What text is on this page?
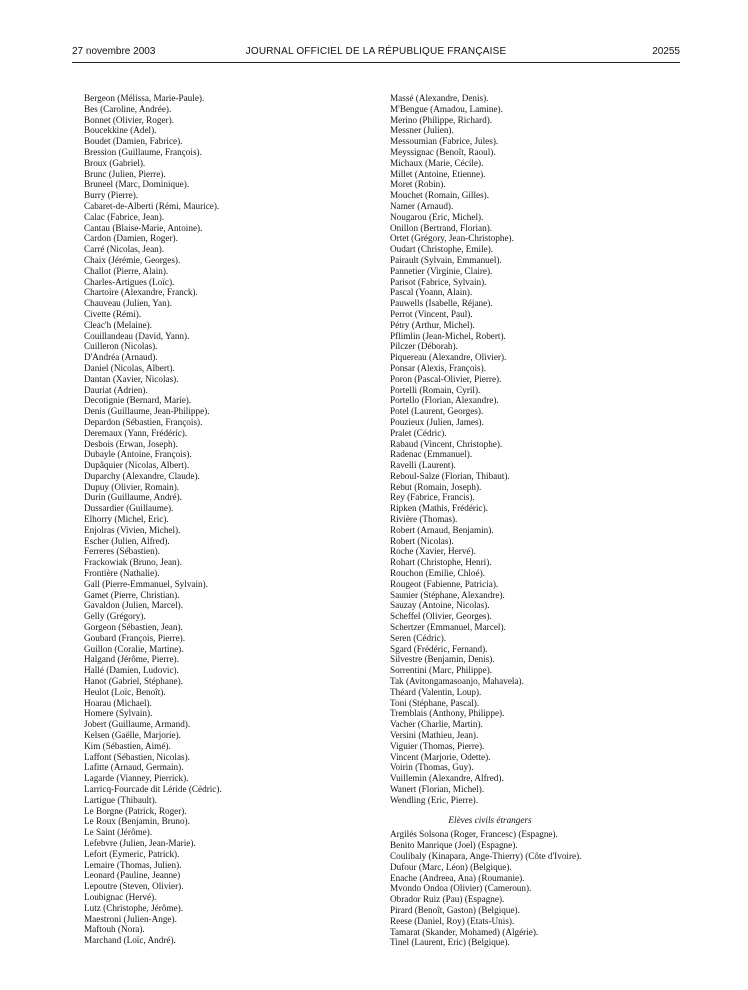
27 novembre 2003	JOURNAL OFFICIEL DE LA RÉPUBLIQUE FRANÇAISE	20255
Bergeon (Mélissa, Marie-Paule).
Bes (Caroline, Andrée).
Bonnet (Olivier, Roger).
Boucekkine (Adel).
Boudet (Damien, Fabrice).
Bression (Guillaume, François).
Broux (Gabriel).
Brunc (Julien, Pierre).
Bruneel (Marc, Dominique).
Burry (Pierre).
Cabaret-de-Alberti (Rémi, Maurice).
Calac (Fabrice, Jean).
Cantau (Blaise-Marie, Antoine).
Cardon (Damien, Roger).
Carré (Nicolas, Jean).
Chaix (Jérémie, Georges).
Challot (Pierre, Alain).
Charles-Artigues (Loïc).
Chartoire (Alexandre, Franck).
Chauveau (Julien, Yan).
Civette (Rémi).
Cleac'h (Melaine).
Couillandeau (David, Yann).
Cuilleron (Nicolas).
D'Andréa (Arnaud).
Daniel (Nicolas, Albert).
Dantan (Xavier, Nicolas).
Dauriat (Adrien).
Decotignie (Bernard, Marie).
Denis (Guillaume, Jean-Philippe).
Depardon (Sébastien, François).
Deremaux (Yann, Frédéric).
Desbois (Erwan, Joseph).
Dubayle (Antoine, François).
Dupâquier (Nicolas, Albert).
Duparchy (Alexandre, Claude).
Dupuy (Olivier, Romain).
Durin (Guillaume, André).
Dussardier (Guillaume).
Elhorry (Michel, Eric).
Enjolras (Vivien, Michel).
Escher (Julien, Alfred).
Ferreres (Sébastien).
Frackowiak (Bruno, Jean).
Frontière (Nathalie).
Gall (Pierre-Emmanuel, Sylvain).
Gamet (Pierre, Christian).
Gavaldon (Julien, Marcel).
Gelly (Grégory).
Gorgeon (Sébastien, Jean).
Goubard (François, Pierre).
Guillon (Coralie, Martine).
Halgand (Jérôme, Pierre).
Hallé (Damien, Ludovic).
Hanot (Gabriel, Stéphane).
Heulot (Loïc, Benoît).
Hoarau (Michael).
Homere (Sylvain).
Jobert (Guillaume, Armand).
Kelsen (Gaëlle, Marjorie).
Kim (Sébastien, Aimé).
Laffont (Sébastien, Nicolas).
Lafitte (Arnaud, Germain).
Lagarde (Vianney, Pierrick).
Larricq-Fourcade dit Léride (Cédric).
Lartigue (Thibault).
Le Borgne (Patrick, Roger).
Le Roux (Benjamin, Bruno).
Le Saint (Jérôme).
Lefebvre (Julien, Jean-Marie).
Lefort (Eymeric, Patrick).
Lemaire (Thomas, Julien).
Leonard (Pauline, Jeanne)
Lepoutre (Steven, Olivier).
Loubignac (Hervé).
Lutz (Christophe, Jérôme).
Maestroni (Julien-Ange).
Maftouh (Nora).
Marchand (Loïc, André).
Massé (Alexandre, Denis).
M'Bengue (Amadou, Lamine).
Merino (Philippe, Richard).
Messner (Julien).
Messoumian (Fabrice, Jules).
Meyssignac (Benoît, Raoul).
Michaux (Marie, Cécile).
Millet (Antoine, Etienne).
Moret (Robin).
Mouchet (Romain, Gilles).
Namer (Arnaud).
Nougarou (Eric, Michel).
Onillon (Bertrand, Florian).
Ortet (Grégory, Jean-Christophe).
Oudart (Christophe, Emile).
Pairault (Sylvain, Emmanuel).
Pannetier (Virginie, Claire).
Parisot (Fabrice, Sylvain).
Pascal (Yoann, Alain).
Pauwells (Isabelle, Réjane).
Perrot (Vincent, Paul).
Pétry (Arthur, Michel).
Pflimlin (Jean-Michel, Robert).
Pilczer (Déborah).
Piquereau (Alexandre, Olivier).
Ponsar (Alexis, François).
Poron (Pascal-Olivier, Pierre).
Portelli (Romain, Cyril).
Portello (Florian, Alexandre).
Potel (Laurent, Georges).
Pouzieux (Julien, James).
Pralet (Cédric).
Rabaud (Vincent, Christophe).
Radenac (Emmanuel).
Ravelli (Laurent).
Reboul-Salze (Florian, Thibaut).
Rebut (Romain, Joseph).
Rey (Fabrice, Francis).
Ripken (Mathis, Frédéric).
Rivière (Thomas).
Robert (Arnaud, Benjamin).
Robert (Nicolas).
Roche (Xavier, Hervé).
Rohart (Christophe, Henri).
Rouchon (Emilie, Chloé).
Rougeot (Fabienne, Patricia).
Saunier (Stéphane, Alexandre).
Sauzay (Antoine, Nicolas).
Scheffel (Olivier, Georges).
Schertzer (Emmanuel, Marcel).
Seren (Cédric).
Sgard (Frédéric, Fernand).
Silvestre (Benjamin, Denis).
Sorrentini (Marc, Philippe).
Tak (Avitongamasoanjo, Mahavela).
Théard (Valentin, Loup).
Toni (Stéphane, Pascal).
Tremblais (Anthony, Philippe).
Vacher (Charlie, Martin).
Versini (Mathieu, Jean).
Viguier (Thomas, Pierre).
Vincent (Marjorie, Odette).
Voirin (Thomas, Guy).
Vuillemin (Alexandre, Alfred).
Wanert (Florian, Michel).
Wendling (Eric, Pierre).
Elèves civils étrangers
Argilés Solsona (Roger, Francesc) (Espagne).
Benito Manrique (Joel) (Espagne).
Coulibaly (Kinapara, Ange-Thierry) (Côte d'Ivoire).
Dufour (Marc, Léon) (Belgique).
Enache (Andreea, Ana) (Roumanie).
Mvondo Ondoa (Olivier) (Cameroun).
Obrador Ruiz (Pau) (Espagne).
Pirard (Benoît, Gaston) (Belgique).
Reese (Daniel, Roy) (Etats-Unis).
Tamarat (Skander, Mohamed) (Algérie).
Tinel (Laurent, Eric) (Belgique).
